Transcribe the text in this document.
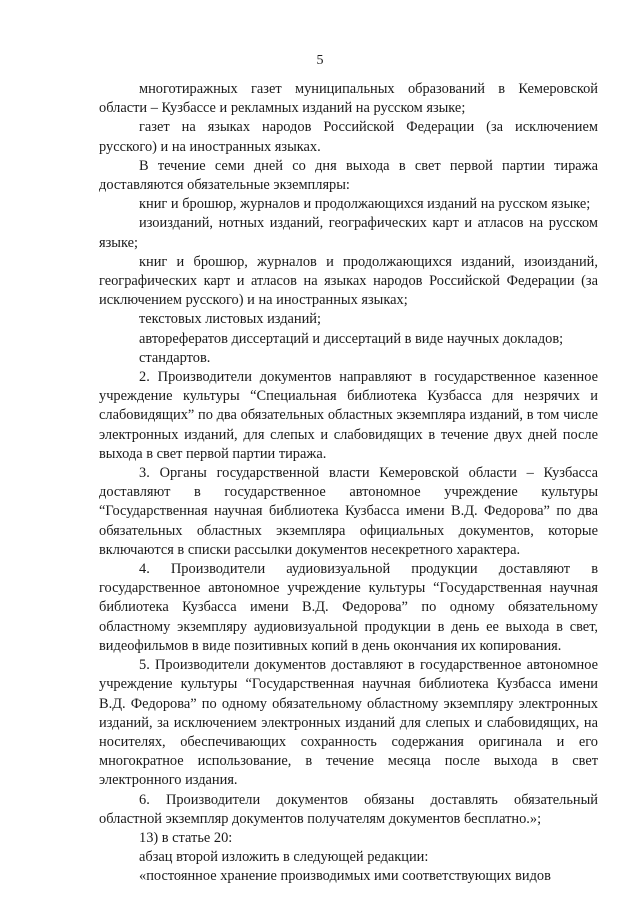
5

многотиражных газет муниципальных образований в Кемеровской области – Кузбассе и рекламных изданий на русском языке;

газет на языках народов Российской Федерации (за исключением русского) и на иностранных языках.

В течение семи дней со дня выхода в свет первой партии тиража доставляются обязательные экземпляры:

книг и брошюр, журналов и продолжающихся изданий на русском языке;

изоизданий, нотных изданий, географических карт и атласов на русском языке;

книг и брошюр, журналов и продолжающихся изданий, изоизданий, географических карт и атласов на языках народов Российской Федерации (за исключением русского) и на иностранных языках;

текстовых листовых изданий;

авторефератов диссертаций и диссертаций в виде научных докладов;

стандартов.

2. Производители документов направляют в государственное казенное учреждение культуры “Специальная библиотека Кузбасса для незрячих и слабовидящих” по два обязательных областных экземпляра изданий, в том числе электронных изданий, для слепых и слабовидящих в течение двух дней после выхода в свет первой партии тиража.

3. Органы государственной власти Кемеровской области – Кузбасса доставляют в государственное автономное учреждение культуры “Государственная научная библиотека Кузбасса имени В.Д. Федорова” по два обязательных областных экземпляра официальных документов, которые включаются в списки рассылки документов несекретного характера.

4. Производители аудиовизуальной продукции доставляют в государственное автономное учреждение культуры “Государственная научная библиотека Кузбасса имени В.Д. Федорова” по одному обязательному областному экземпляру аудиовизуальной продукции в день ее выхода в свет, видеофильмов в виде позитивных копий в день окончания их копирования.

5. Производители документов доставляют в государственное автономное учреждение культуры “Государственная научная библиотека Кузбасса имени В.Д. Федорова” по одному обязательному областному экземпляру электронных изданий, за исключением электронных изданий для слепых и слабовидящих, на носителях, обеспечивающих сохранность содержания оригинала и его многократное использование, в течение месяца после выхода в свет электронного издания.

6. Производители документов обязаны доставлять обязательный областной экземпляр документов получателям документов бесплатно.»;

13) в статье 20:

абзац второй изложить в следующей редакции:

«постоянное хранение производимых ими соответствующих видов
